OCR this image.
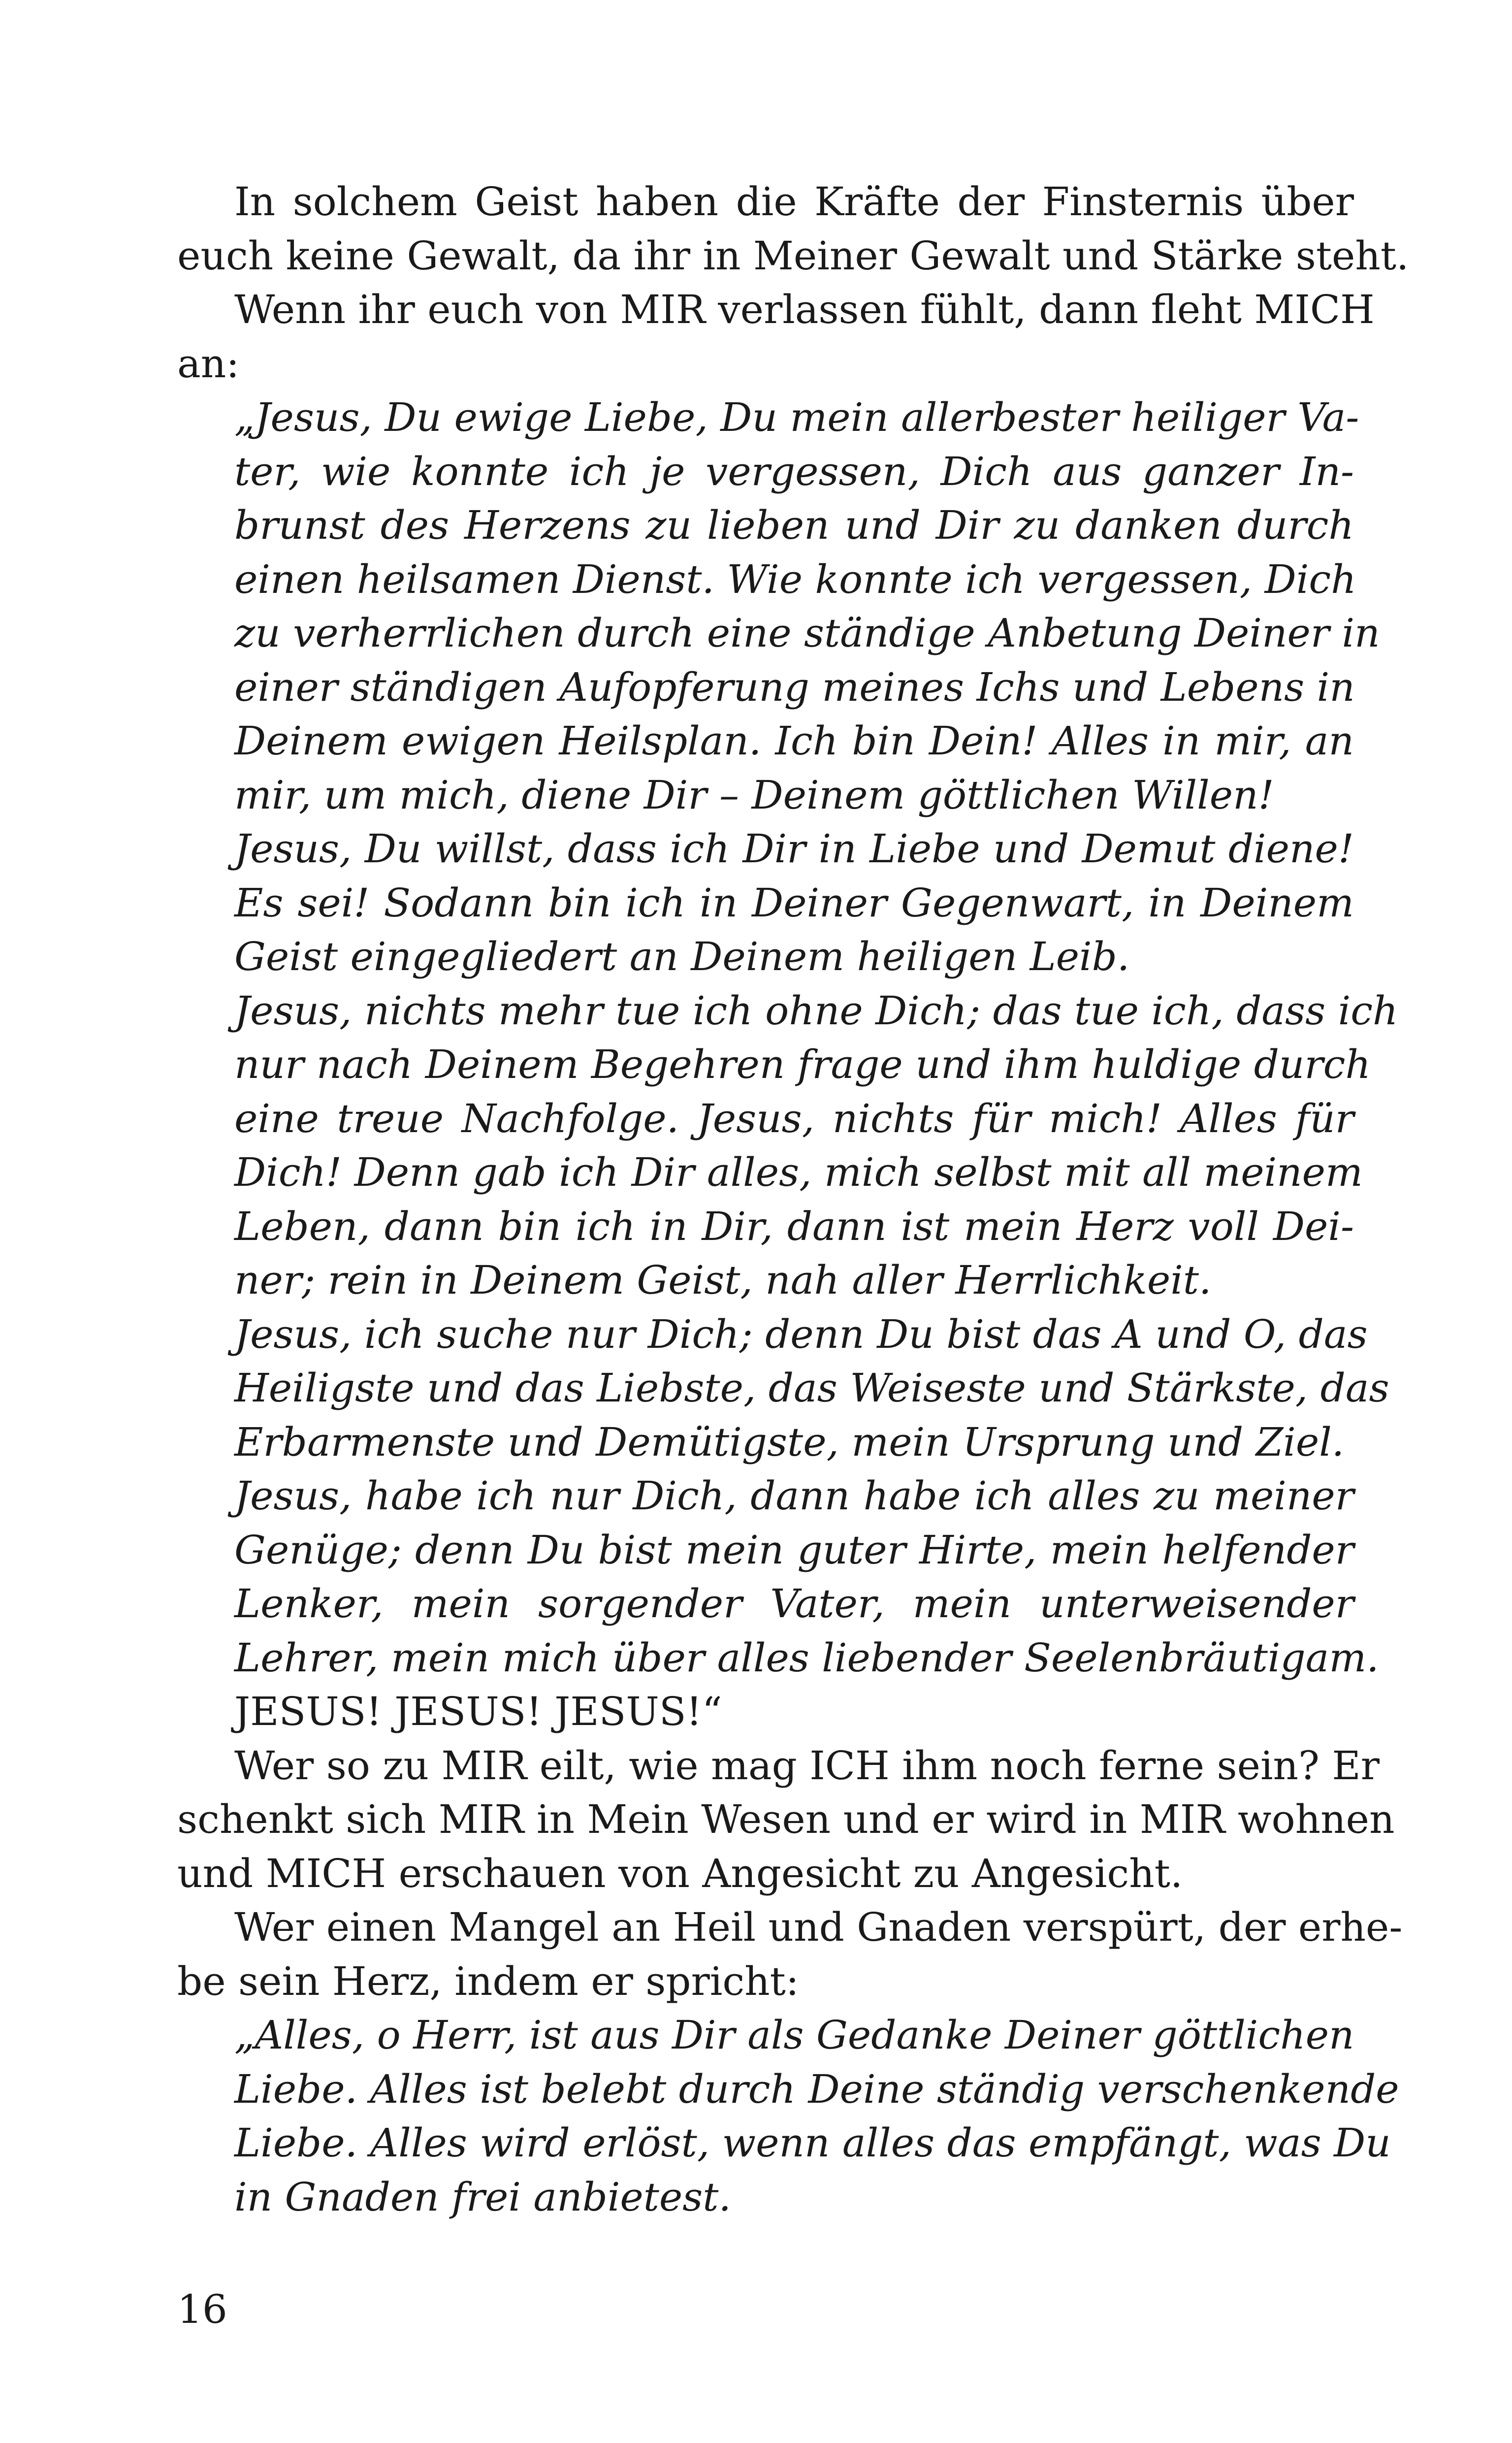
In solchem Geist haben die Kräfte der Finsternis über
euch keine Gewalt, da ihr in Meiner Gewalt und Stärke steht.
Wenn ihr euch von MIR verlassen fühlt, dann fleht MICH
an:
„Jesus, Du ewige Liebe, Du mein allerbester heiliger Va-
ter, wie konnte ich je vergessen, Dich aus ganzer In-
brunst des Herzens zu lieben und Dir zu danken durch
einen heilsamen Dienst. Wie konnte ich vergessen, Dich
zu verherrlichen durch eine ständige Anbetung Deiner in
einer ständigen Aufopferung meines Ichs und Lebens in
Deinem ewigen Heilsplan. Ich bin Dein! Alles in mir, an
mir, um mich, diene Dir – Deinem göttlichen Willen!
Jesus, Du willst, dass ich Dir in Liebe und Demut diene!
Es sei! Sodann bin ich in Deiner Gegenwart, in Deinem
Geist eingegliedert an Deinem heiligen Leib.
Jesus, nichts mehr tue ich ohne Dich; das tue ich, dass ich
nur nach Deinem Begehren frage und ihm huldige durch
eine treue Nachfolge. Jesus, nichts für mich! Alles für
Dich! Denn gab ich Dir alles, mich selbst mit all meinem
Leben, dann bin ich in Dir, dann ist mein Herz voll Dei-
ner; rein in Deinem Geist, nah aller Herrlichkeit.
Jesus, ich suche nur Dich; denn Du bist das A und O, das
Heiligste und das Liebste, das Weiseste und Stärkste, das
Erbarmenste und Demütigste, mein Ursprung und Ziel.
Jesus, habe ich nur Dich, dann habe ich alles zu meiner
Genüge; denn Du bist mein guter Hirte, mein helfender
Lenker, mein sorgender Vater, mein unterweisender
Lehrer, mein mich über alles liebender Seelenbräutigam.
JESUS! JESUS! JESUS!“
Wer so zu MIR eilt, wie mag ICH ihm noch ferne sein? Er
schenkt sich MIR in Mein Wesen und er wird in MIR wohnen
und MICH erschauen von Angesicht zu Angesicht.
Wer einen Mangel an Heil und Gnaden verspürt, der erhe-
be sein Herz, indem er spricht:
„Alles, o Herr, ist aus Dir als Gedanke Deiner göttlichen
Liebe. Alles ist belebt durch Deine ständig verschenkende
Liebe. Alles wird erlöst, wenn alles das empfängt, was Du
in Gnaden frei anbietest.
16
